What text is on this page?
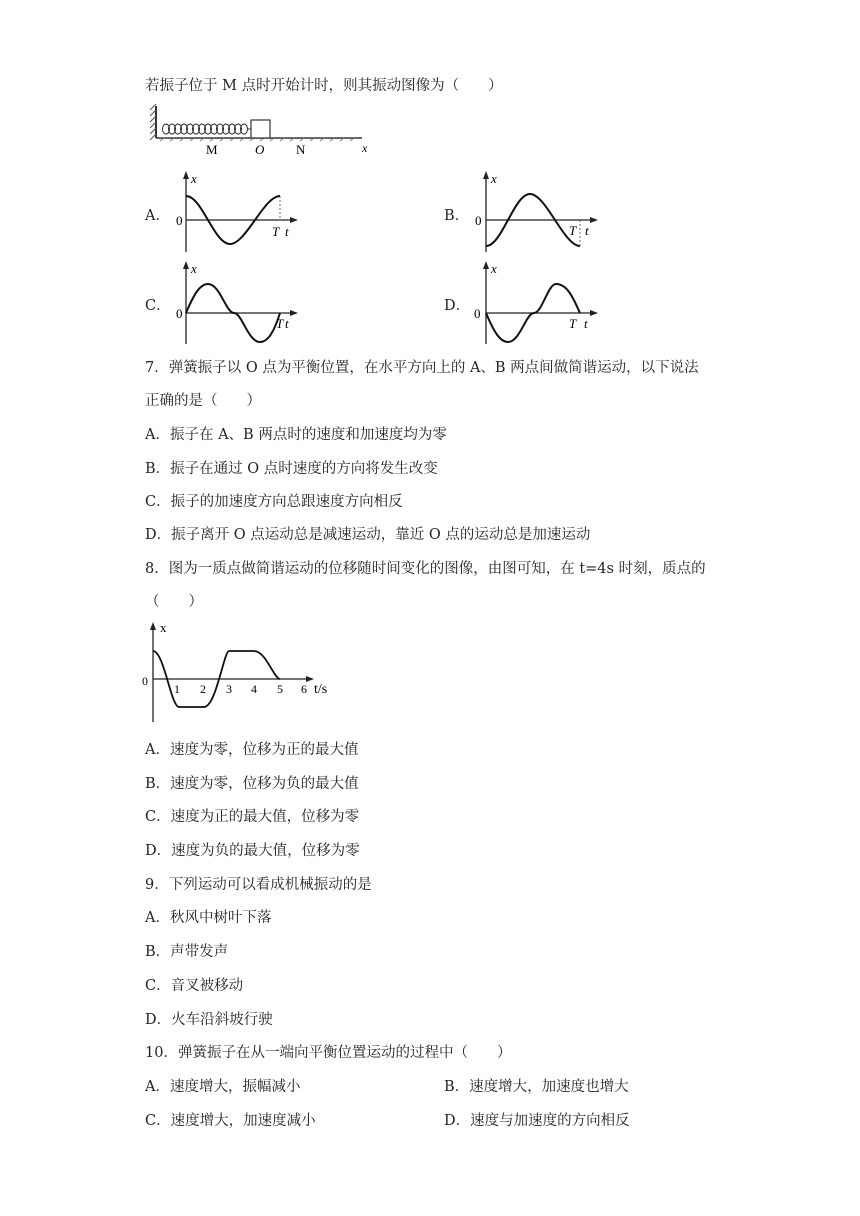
若振子位于 M 点时开始计时，则其振动图像为（　　）
M	O N	x
A．	B．
C．	D．
0
x
T t
0
x
T t
0
x
T t
0
x
T t
7．弹簧振子以 O 点为平衡位置，在水平方向上的 A、B 两点间做简谐运动，以下说法
正确的是（　　）
A．振子在 A、B 两点时的速度和加速度均为零
B．振子在通过 O 点时速度的方向将发生改变
C．振子的加速度方向总跟速度方向相反
D．振子离开 O 点运动总是减速运动，靠近 O 点的运动总是加速运动
8．图为一质点做简谐运动的位移随时间变化的图像，由图可知，在 t=4s 时刻，质点的
（　　）
x
0
1 2 3 4 5 6 t/s
A．速度为零，位移为正的最大值
B．速度为零，位移为负的最大值
C．速度为正的最大值，位移为零
D．速度为负的最大值，位移为零
9．下列运动可以看成机械振动的是
A．秋风中树叶下落
B．声带发声
C．音叉被移动
D．火车沿斜坡行驶
10．弹簧振子在从一端向平衡位置运动的过程中（　　）
A．速度增大，振幅减小	B．速度增大，加速度也增大
C．速度增大，加速度减小	D．速度与加速度的方向相反
